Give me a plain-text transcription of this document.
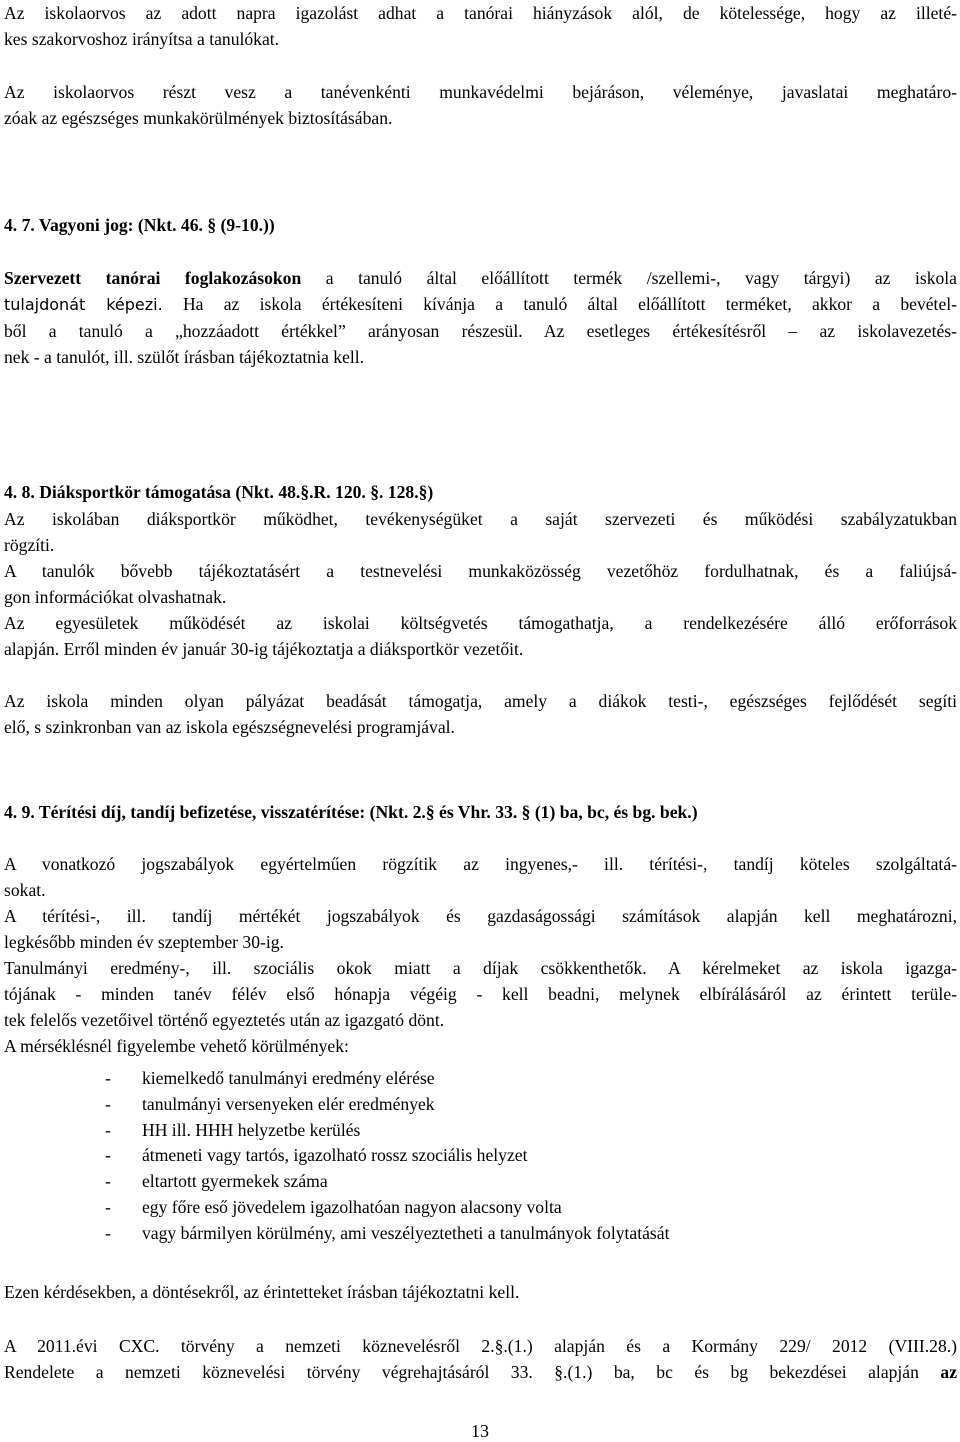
Az iskolaorvos az adott napra igazolást adhat a tanórai hiányzások alól, de kötelessége, hogy az illeté-
kes szakorvoshoz irányítsa a tanulókat.

Az iskolaorvos részt vesz a tanévenkénti munkavédelmi bejáráson, véleménye, javaslatai meghatáro-
zóak az egészséges munkakörülmények biztosításában.

4. 7. Vagyoni jog: (Nkt. 46. § (9-10.))

Szervezett tanórai foglakozásokon a tanuló által előállított termék /szellemi-, vagy tárgyi) az iskola
tulajdonát képezi. Ha az iskola értékesíteni kívánja a tanuló által előállított terméket, akkor a bevétel-
ből a tanuló a „hozzáadott értékkel” arányosan részesül. Az esetleges értékesítésről – az iskolavezetés-
nek - a tanulót, ill. szülőt írásban tájékoztatnia kell.

4. 8. Diáksportkör támogatása (Nkt. 48.§.R. 120. §. 128.§)

Az iskolában diáksportkör működhet, tevékenységüket a saját szervezeti és működési szabályzatukban
rögzíti.

A tanulók bővebb tájékoztatásért a testnevelési munkaközösség vezetőhöz fordulhatnak, és a faliújsá-
gon információkat olvashatnak.

Az egyesületek működését az iskolai költségvetés támogathatja, a rendelkezésére álló erőforrások
alapján. Erről minden év január 30-ig tájékoztatja a diáksportkör vezetőit.

Az iskola minden olyan pályázat beadását támogatja, amely a diákok testi-, egészséges fejlődését segíti
elő, s szinkronban van az iskola egészségnevelési programjával.

4. 9. Térítési díj, tandíj befizetése, visszatérítése: (Nkt. 2.§ és Vhr. 33. § (1) ba, bc, és bg. bek.)

A vonatkozó jogszabályok egyértelműen rögzítik az ingyenes,- ill. térítési-, tandíj köteles szolgáltatá-
sokat.

A térítési-, ill. tandíj mértékét jogszabályok és gazdaságossági számítások alapján kell meghatározni,
legkésőbb minden év szeptember 30-ig.

Tanulmányi eredmény-, ill. szociális okok miatt a díjak csökkenthetők. A kérelmeket az iskola igazga-
tójának - minden tanév félév első hónapja végéig - kell beadni, melynek elbírálásáról az érintett terüle-
tek felelős vezetőivel történő egyeztetés után az igazgató dönt.

A mérséklésnél figyelembe vehető körülmények:

- kiemelkedő tanulmányi eredmény elérése
- tanulmányi versenyeken elér eredmények
- HH ill. HHH helyzetbe kerülés
- átmeneti vagy tartós, igazolható rossz szociális helyzet
- eltartott gyermekek száma
- egy főre eső jövedelem igazolhatóan nagyon alacsony volta
- vagy bármilyen körülmény, ami veszélyeztetheti a tanulmányok folytatását

Ezen kérdésekben, a döntésekről, az érintetteket írásban tájékoztatni kell.

A 2011.évi CXC. törvény a nemzeti köznevelésről 2.§.(1.) alapján és a Kormány 229/ 2012 (VIII.28.)
Rendelete a nemzeti köznevelési törvény végrehajtásáról 33. §.(1.) ba, bc és bg bekezdései alapján az

13
